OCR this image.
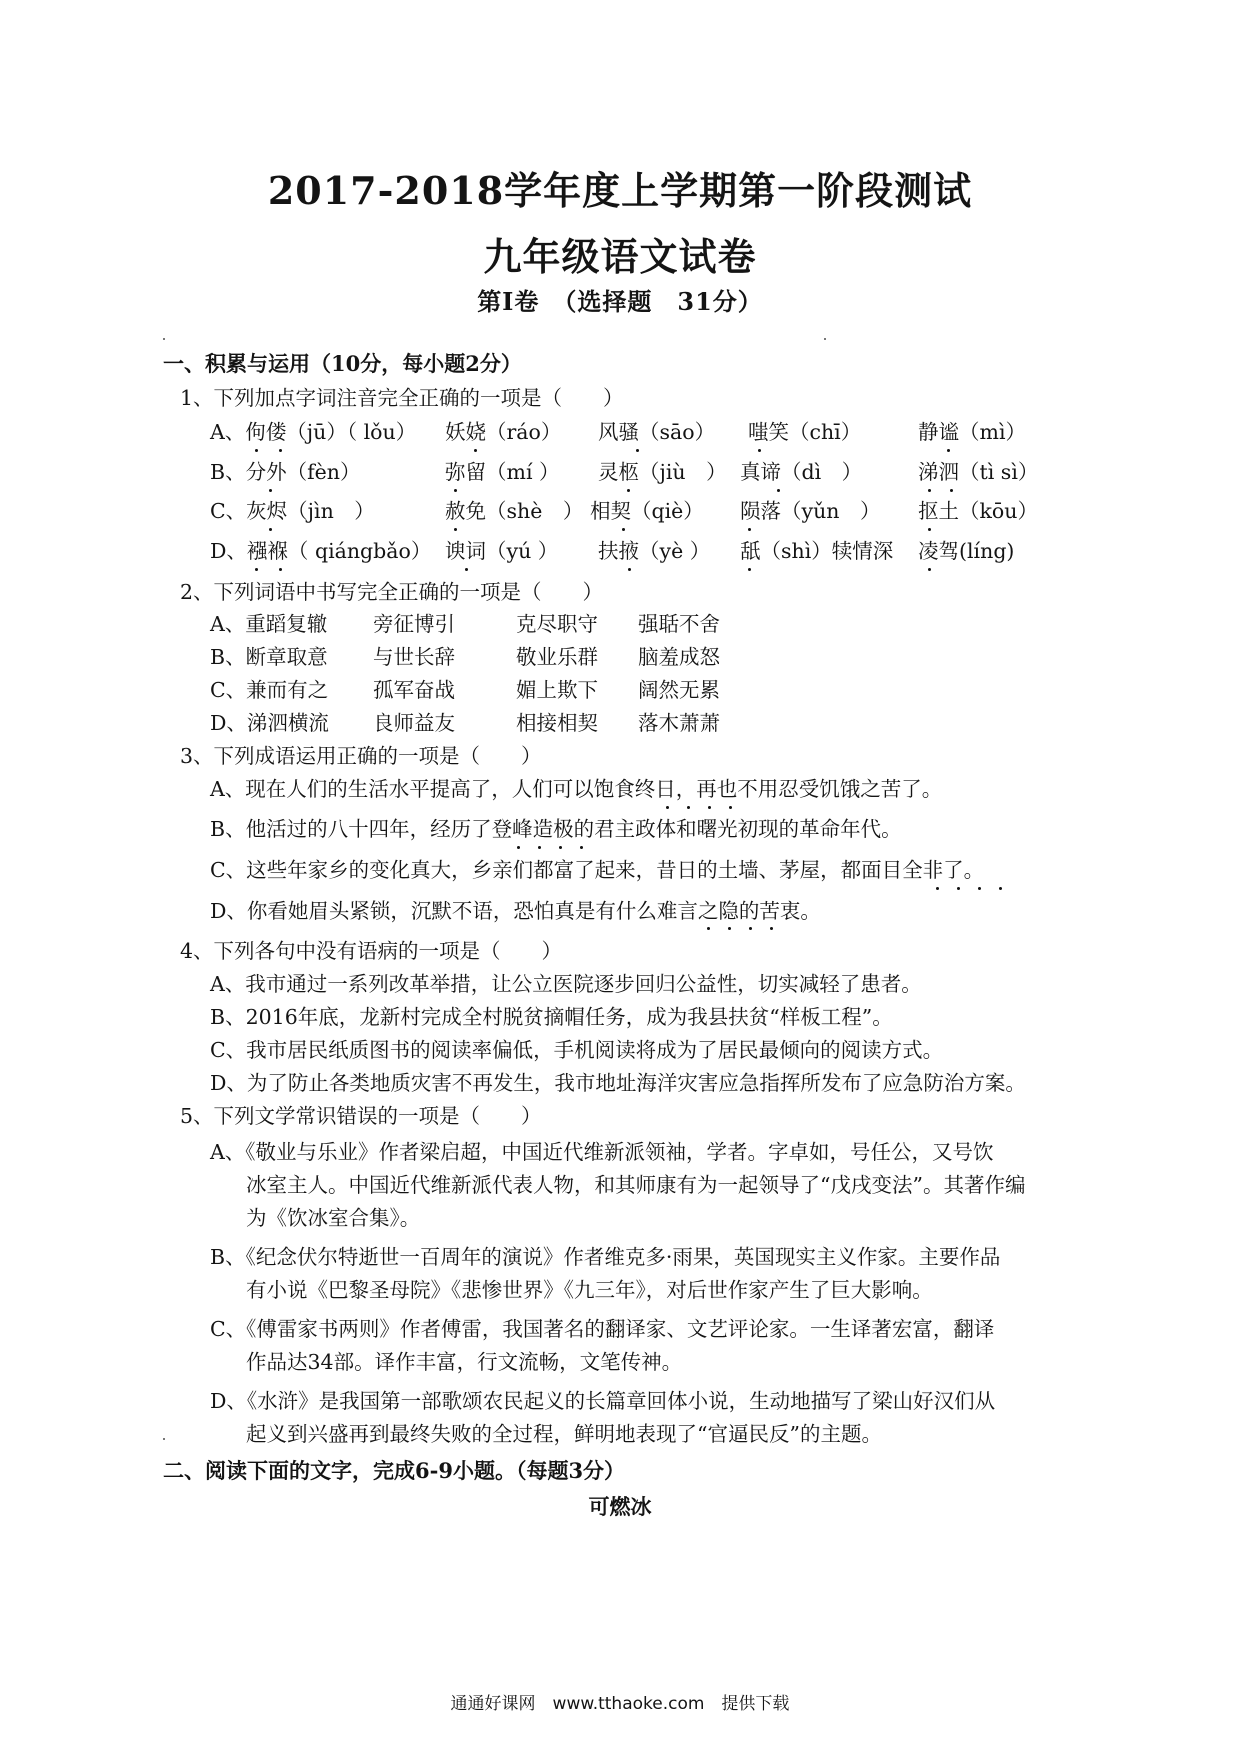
2017-2018学年度上学期第一阶段测试
九年级语文试卷
第Ⅰ卷　（选择题　31分）
一、积累与运用（10分，每小题2分）
1、下列加点字词注音完全正确的一项是（　　）
A、佝偻（jū）（ lǒu） 妖娆（ráo） 风骚（sāo） 嗤笑（chī）	静谧（mì）
B、分外（fèn）	弥留（mí ） 灵柩（jiù　） 真谛（dì　）	涕泗（tì sì）
C、灰烬（jìn　）	赦免（shè　） 相契（qiè） 陨落（yǔn　） 抠土（kōu）
D、襁褓（ qiángbǎo） 谀词（yú ） 扶掖（yè ） 舐（shì）犊情深 凌驾(líng)
2、下列词语中书写完全正确的一项是（　　）
A、重蹈复辙 旁征博引	克尽职守 强聒不舍
B、断章取意 与世长辞	敬业乐群 脑羞成怒
C、兼而有之 孤军奋战	媚上欺下 阔然无累
D、涕泗横流 良师益友	相接相契 落木萧萧
3、下列成语运用正确的一项是（　　）
A、现在人们的生活水平提高了，人们可以饱食终日，再也不用忍受饥饿之苦了。
B、他活过的八十四年，经历了登峰造极的君主政体和曙光初现的革命年代。
C、这些年家乡的变化真大，乡亲们都富了起来，昔日的土墙、茅屋，都面目全非了。
D、你看她眉头紧锁，沉默不语，恐怕真是有什么难言之隐的苦衷。
4、下列各句中没有语病的一项是（　　）
A、我市通过一系列改革举措，让公立医院逐步回归公益性，切实减轻了患者。
B、2016年底，龙新村完成全村脱贫摘帽任务，成为我县扶贫“样板工程”。
C、我市居民纸质图书的阅读率偏低，手机阅读将成为了居民最倾向的阅读方式。
D、为了防止各类地质灾害不再发生，我市地址海洋灾害应急指挥所发布了应急防治方案。
5、下列文学常识错误的一项是（　　）
A、《敬业与乐业》作者梁启超，中国近代维新派领袖，学者。字卓如，号任公，又号饮
冰室主人。中国近代维新派代表人物，和其师康有为一起领导了“戊戌变法”。其著作编
为《饮冰室合集》。
B、《纪念伏尔特逝世一百周年的演说》作者维克多·雨果，英国现实主义作家。主要作品
有小说《巴黎圣母院》《悲惨世界》《九三年》，对后世作家产生了巨大影响。
C、《傅雷家书两则》作者傅雷，我国著名的翻译家、文艺评论家。一生译著宏富，翻译
作品达34部。译作丰富，行文流畅，文笔传神。
D、《水浒》是我国第一部歌颂农民起义的长篇章回体小说，生动地描写了梁山好汉们从
起义到兴盛再到最终失败的全过程，鲜明地表现了“官逼民反”的主题。
二、阅读下面的文字，完成6-9小题。（每题3分）
可燃冰
通通好课网　www.tthaoke.com　提供下载
